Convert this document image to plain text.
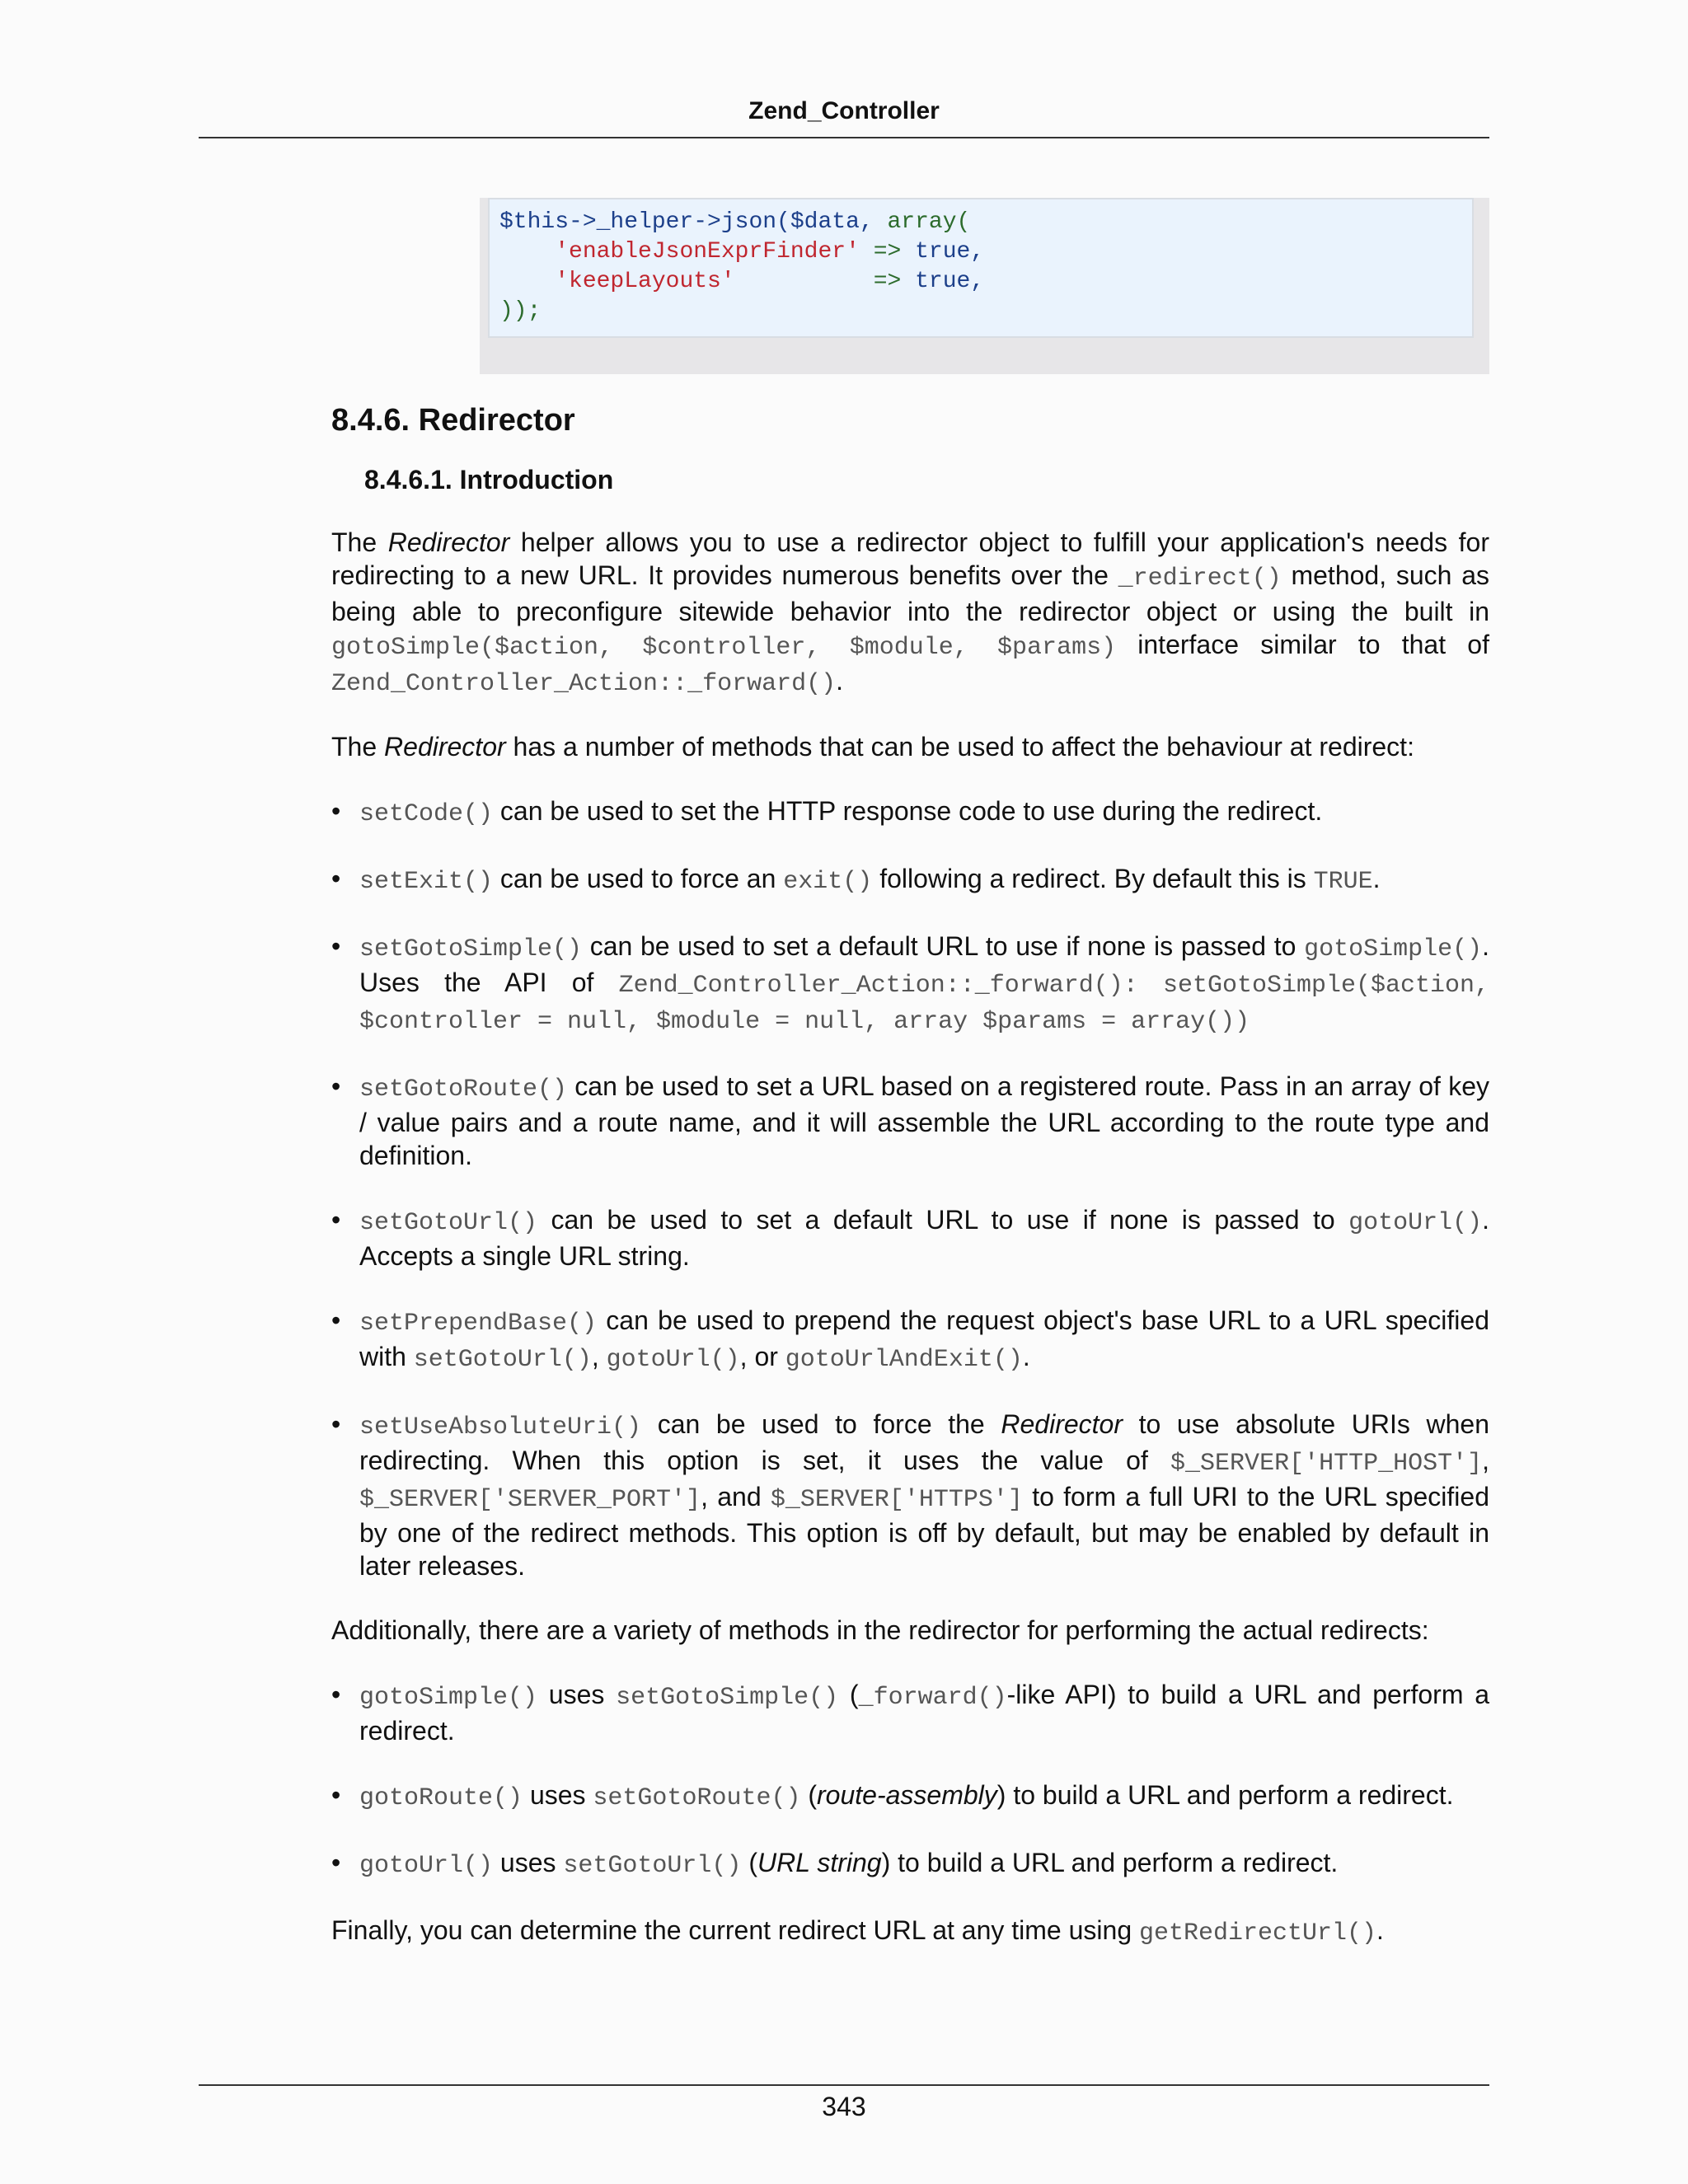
Zend_Controller
$this->_helper->json($data, array(
'enableJsonExprFinder' => true,
'keepLayouts'	=> true,
));
8.4.6. Redirector
8.4.6.1. Introduction

The Redirector helper allows you to use a redirector object to fulfill your application's needs for redirecting to a new URL. It provides numerous benefits over the _redirect() method, such as being able to preconfigure sitewide behavior into the redirector object or using the built in gotoSimple($action, $controller, $module, $params) interface similar to that of Zend_Controller_Action::_forward().

The Redirector has a number of methods that can be used to affect the behaviour at redirect:

• setCode() can be used to set the HTTP response code to use during the redirect.
• setExit() can be used to force an exit() following a redirect. By default this is TRUE.
• setGotoSimple() can be used to set a default URL to use if none is passed to gotoSimple(). Uses the API of Zend_Controller_Action::_forward(): setGotoSimple($action, $controller = null, $module = null, array $params = array())
• setGotoRoute() can be used to set a URL based on a registered route. Pass in an array of key / value pairs and a route name, and it will assemble the URL according to the route type and definition.
• setGotoUrl() can be used to set a default URL to use if none is passed to gotoUrl(). Accepts a single URL string.
• setPrependBase() can be used to prepend the request object's base URL to a URL specified with setGotoUrl(), gotoUrl(), or gotoUrlAndExit().
• setUseAbsoluteUri() can be used to force the Redirector to use absolute URIs when redirecting. When this option is set, it uses the value of $_SERVER['HTTP_HOST'], $_SERVER['SERVER_PORT'], and $_SERVER['HTTPS'] to form a full URI to the URL specified by one of the redirect methods. This option is off by default, but may be enabled by default in later releases.

Additionally, there are a variety of methods in the redirector for performing the actual redirects:

• gotoSimple() uses setGotoSimple() (_forward()-like API) to build a URL and perform a redirect.
• gotoRoute() uses setGotoRoute() (route-assembly) to build a URL and perform a redirect.
• gotoUrl() uses setGotoUrl() (URL string) to build a URL and perform a redirect.

Finally, you can determine the current redirect URL at any time using getRedirectUrl().

343
